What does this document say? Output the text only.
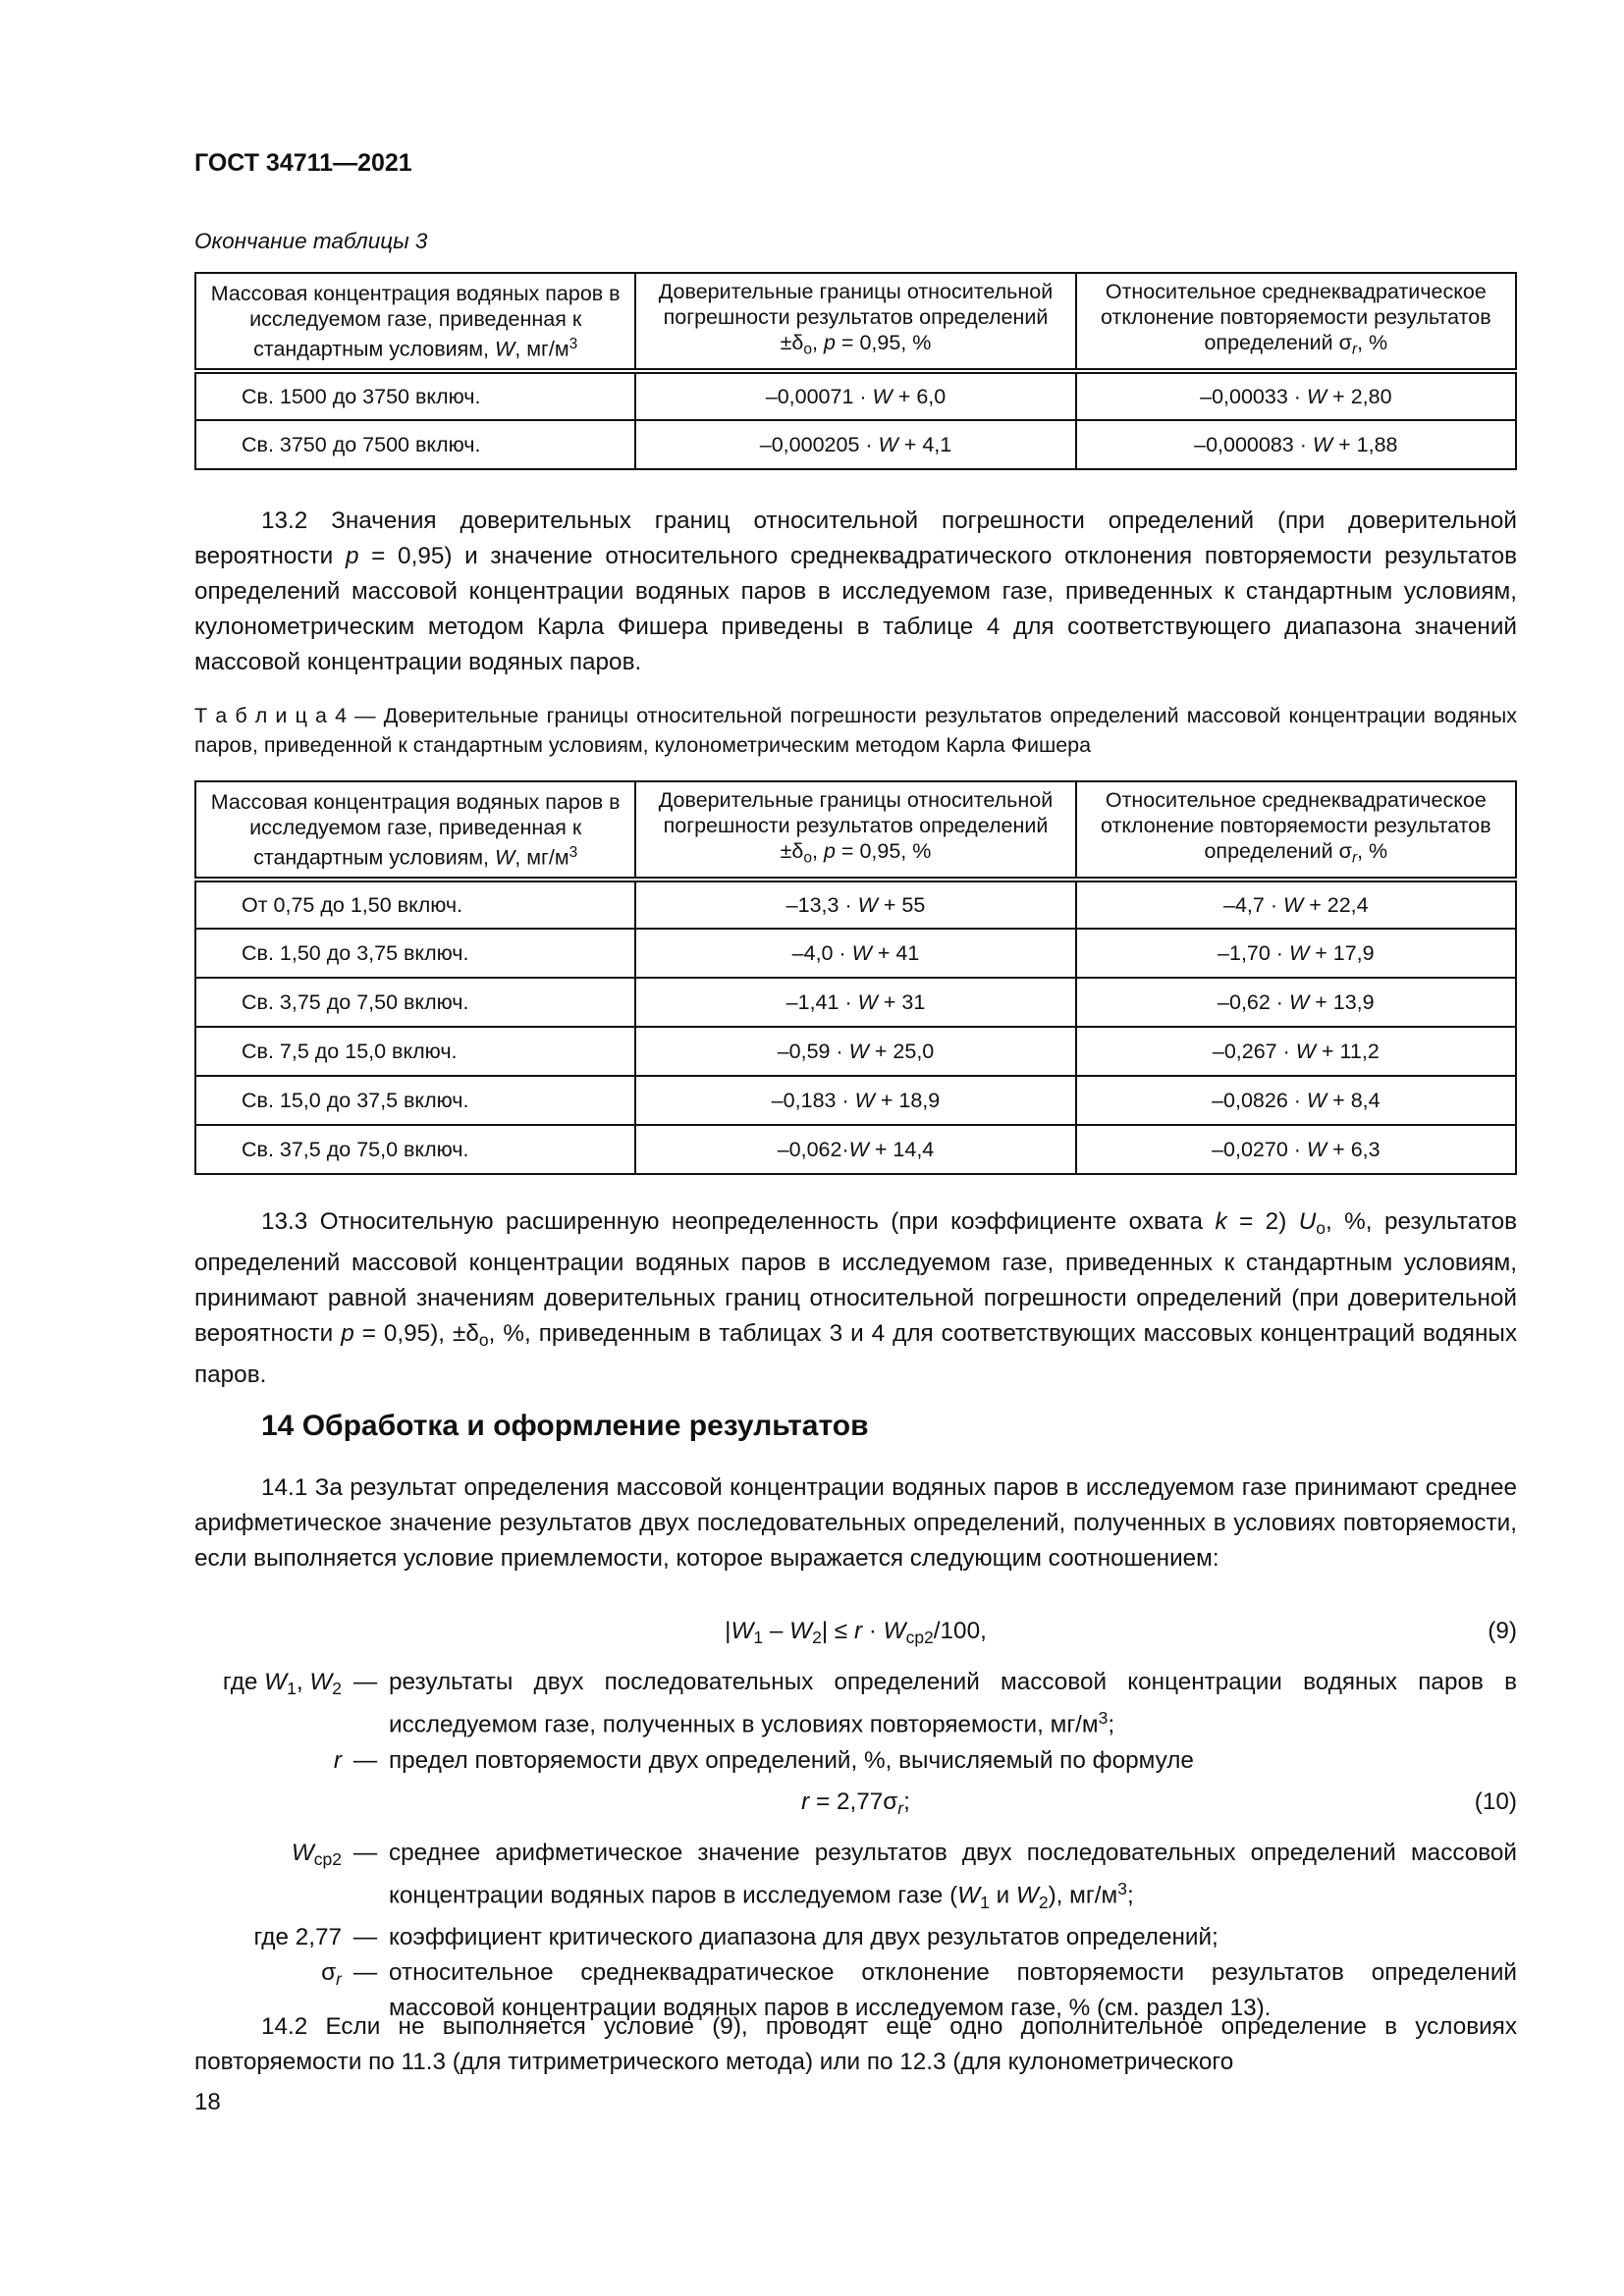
ГОСТ 34711—2021
Окончание таблицы 3
Массовая концентрация водяных паров в исследуемом газе, приведенная к стандартным условиям, W, $мг/м^3$	Доверительные границы относительной погрешности результатов определений $\pm\delta_o$, p = 0,95, %	Относительное среднеквадратическое отклонение повторяемости результатов определений $\sigma_r$, %
Св. 1500 до 3750 включ.	–0,00071 · W + 6,0	–0,00033 · W + 2,80
Св. 3750 до 7500 включ.	–0,000205 · W + 4,1	–0,000083 · W + 1,88
13.2 Значения доверительных границ относительной погрешности определений (при доверительной вероятности p = 0,95) и значение относительного среднеквадратического отклонения повторяемости результатов определений массовой концентрации водяных паров в исследуемом газе, приведенных к стандартным условиям, кулонометрическим методом Карла Фишера приведены в таблице 4 для соответствующего диапазона значений массовой концентрации водяных паров.
Т а б л и ц а 4 — Доверительные границы относительной погрешности результатов определений массовой концентрации водяных паров, приведенной к стандартным условиям, кулонометрическим методом Карла Фишера
Массовая концентрация водяных паров в исследуемом газе, приведенная к стандартным условиям, W, $мг/м^3$	Доверительные границы относительной погрешности результатов определений $\pm\delta_o$, p = 0,95, %	Относительное среднеквадратическое отклонение повторяемости результатов определений $\sigma_r$, %
От 0,75 до 1,50 включ.	–13,3 · W + 55	–4,7 · W + 22,4
Св. 1,50 до 3,75 включ.	–4,0 · W + 41	–1,70 · W + 17,9
Св. 3,75 до 7,50 включ.	–1,41 · W + 31	–0,62 · W + 13,9
Св. 7,5 до 15,0 включ.	–0,59 · W + 25,0	–0,267 · W + 11,2
Св. 15,0 до 37,5 включ.	–0,183 · W + 18,9	–0,0826 · W + 8,4
Св. 37,5 до 75,0 включ.	–0,062·W + 14,4	–0,0270 · W + 6,3
13.3 Относительную расширенную неопределенность (при коэффициенте охвата k = 2) $U_o$, %, результатов определений массовой концентрации водяных паров в исследуемом газе, приведенных к стандартным условиям, принимают равной значениям доверительных границ относительной погрешности определений (при доверительной вероятности p = 0,95), $\pm\delta_o$, %, приведенным в таблицах 3 и 4 для соответствующих массовых концентраций водяных паров.
14 Обработка и оформление результатов
14.1 За результат определения массовой концентрации водяных паров в исследуемом газе принимают среднее арифметическое значение результатов двух последовательных определений, полученных в условиях повторяемости, если выполняется условие приемлемости, которое выражается следующим соотношением:
$|W_1 - W_2| \le r \cdot W_{ср2}/100$,	(9)
где $W_1$, $W_2$ — результаты двух последовательных определений массовой концентрации водяных паров в исследуемом газе, полученных в условиях повторяемости, $мг/м^3$;
r — предел повторяемости двух определений, %, вычисляемый по формуле
$r = 2,77\sigma_r$;	(10)
$W_{ср2}$ — среднее арифметическое значение результатов двух последовательных определений массовой концентрации водяных паров в исследуемом газе ($W_1$ и $W_2$), $мг/м^3$;
где 2,77 — коэффициент критического диапазона для двух результатов определений;
$\sigma_r$ — относительное среднеквадратическое отклонение повторяемости результатов определений массовой концентрации водяных паров в исследуемом газе, % (см. раздел 13).
14.2 Если не выполняется условие (9), проводят еще одно дополнительное определение в условиях повторяемости по 11.3 (для титриметрического метода) или по 12.3 (для кулонометрического
18
